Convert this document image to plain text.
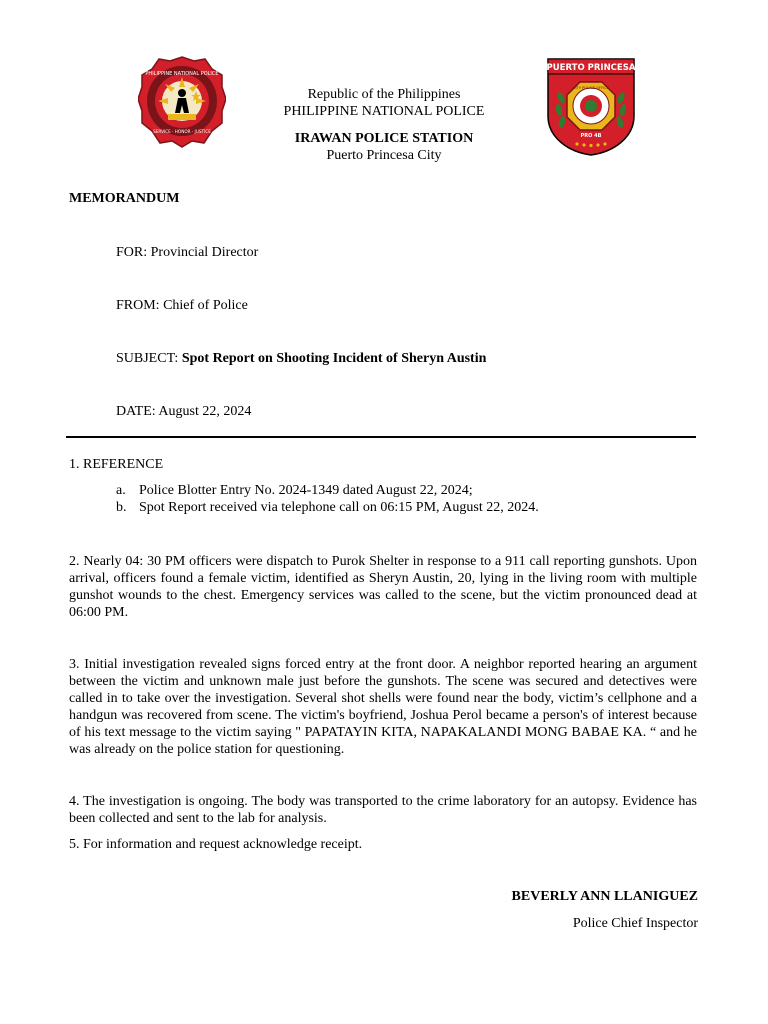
PHILIPPINE NATIONAL POLICE
SERVICE · HONOR · JUSTICE
Republic of the Philippines
PHILIPPINE NATIONAL POLICE
IRAWAN POLICE STATION
Puerto Princesa City
PUERTO PRINCESA
CITY POLICE OFFICE
PRO 4B
MEMORANDUM
FOR: Provincial Director
FROM: Chief of Police
SUBJECT: Spot Report on Shooting Incident of Sheryn Austin
DATE: August 22, 2024
1. REFERENCE
a. Police Blotter Entry No. 2024-1349 dated August 22, 2024;
b. Spot Report received via telephone call on 06:15 PM, August 22, 2024.
2. Nearly 04: 30 PM officers were dispatch to Purok Shelter in response to a 911 call reporting gunshots. Upon arrival, officers found a female victim, identified as Sheryn Austin, 20, lying in the living room with multiple gunshot wounds to the chest. Emergency services was called to the scene, but the victim pronounced dead at 06:00 PM.
3. Initial investigation revealed signs forced entry at the front door. A neighbor reported hearing an argument between the victim and unknown male just before the gunshots. The scene was secured and detectives were called in to take over the investigation. Several shot shells were found near the body, victim’s cellphone and a handgun was recovered from scene. The victim's boyfriend, Joshua Perol became a person's of interest because of his text message to the victim saying " PAPATAYIN KITA, NAPAKALANDI MONG BABAE KA. “ and he was already on the police station for questioning.
4. The investigation is ongoing. The body was transported to the crime laboratory for an autopsy. Evidence has been collected and sent to the lab for analysis.
5. For information and request acknowledge receipt.
BEVERLY ANN LLANIGUEZ
Police Chief Inspector
